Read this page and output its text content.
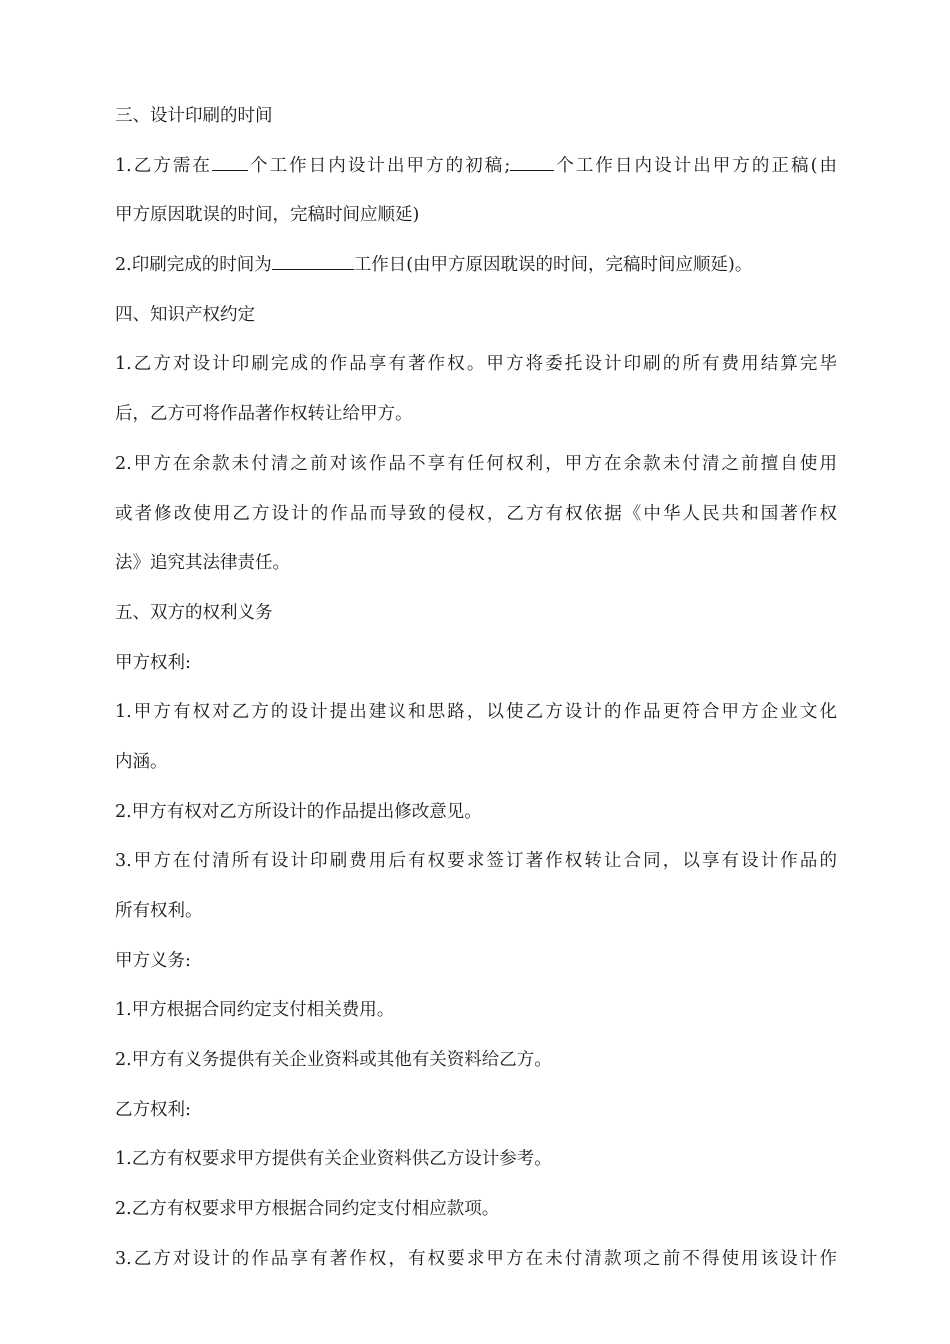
三、设计印刷的时间

1.乙方需在 个工作日内设计出甲方的初稿;	个工作日内设计出甲方的正稿(由

甲方原因耽误的时间，完稿时间应顺延)

2.印刷完成的时间为	工作日(由甲方原因耽误的时间，完稿时间应顺延)。

四、知识产权约定

1.乙方对设计印刷完成的作品享有著作权。甲方将委托设计印刷的所有费用结算完毕

后，乙方可将作品著作权转让给甲方。

2.甲方在余款未付清之前对该作品不享有任何权利，甲方在余款未付清之前擅自使用

或者修改使用乙方设计的作品而导致的侵权，乙方有权依据《中华人民共和国著作权

法》追究其法律责任。

五、双方的权利义务

甲方权利:

1.甲方有权对乙方的设计提出建议和思路，以使乙方设计的作品更符合甲方企业文化

内涵。

2.甲方有权对乙方所设计的作品提出修改意见。

3.甲方在付清所有设计印刷费用后有权要求签订著作权转让合同，以享有设计作品的

所有权利。

甲方义务:

1.甲方根据合同约定支付相关费用。

2.甲方有义务提供有关企业资料或其他有关资料给乙方。

乙方权利:

1.乙方有权要求甲方提供有关企业资料供乙方设计参考。

2.乙方有权要求甲方根据合同约定支付相应款项。

3.乙方对设计的作品享有著作权，有权要求甲方在未付清款项之前不得使用该设计作
